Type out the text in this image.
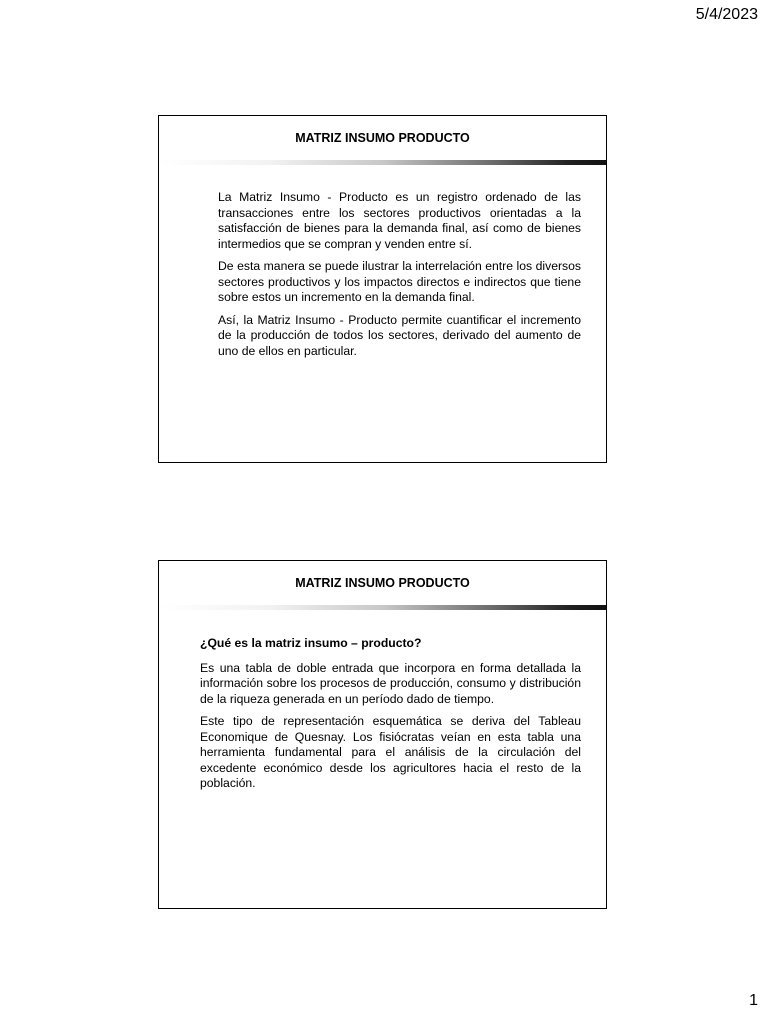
5/4/2023
MATRIZ INSUMO PRODUCTO

La Matriz Insumo - Producto es un registro ordenado de las transacciones entre los sectores productivos orientadas a la satisfacción de bienes para la demanda final, así como de bienes intermedios que se compran y venden entre sí.

De esta manera se puede ilustrar la interrelación entre los diversos sectores productivos y los impactos directos e indirectos que tiene sobre estos un incremento en la demanda final.

Así, la Matriz Insumo - Producto permite cuantificar el incremento de la producción de todos los sectores, derivado del aumento de uno de ellos en particular.

MATRIZ INSUMO PRODUCTO

¿Qué es la matriz insumo – producto?

Es una tabla de doble entrada que incorpora en forma detallada la información sobre los procesos de producción, consumo y distribución de la riqueza generada en un período dado de tiempo.

Este tipo de representación esquemática se deriva del Tableau Economique de Quesnay. Los fisiócratas veían en esta tabla una herramienta fundamental para el análisis de la circulación del excedente económico desde los agricultores hacia el resto de la población.

1
